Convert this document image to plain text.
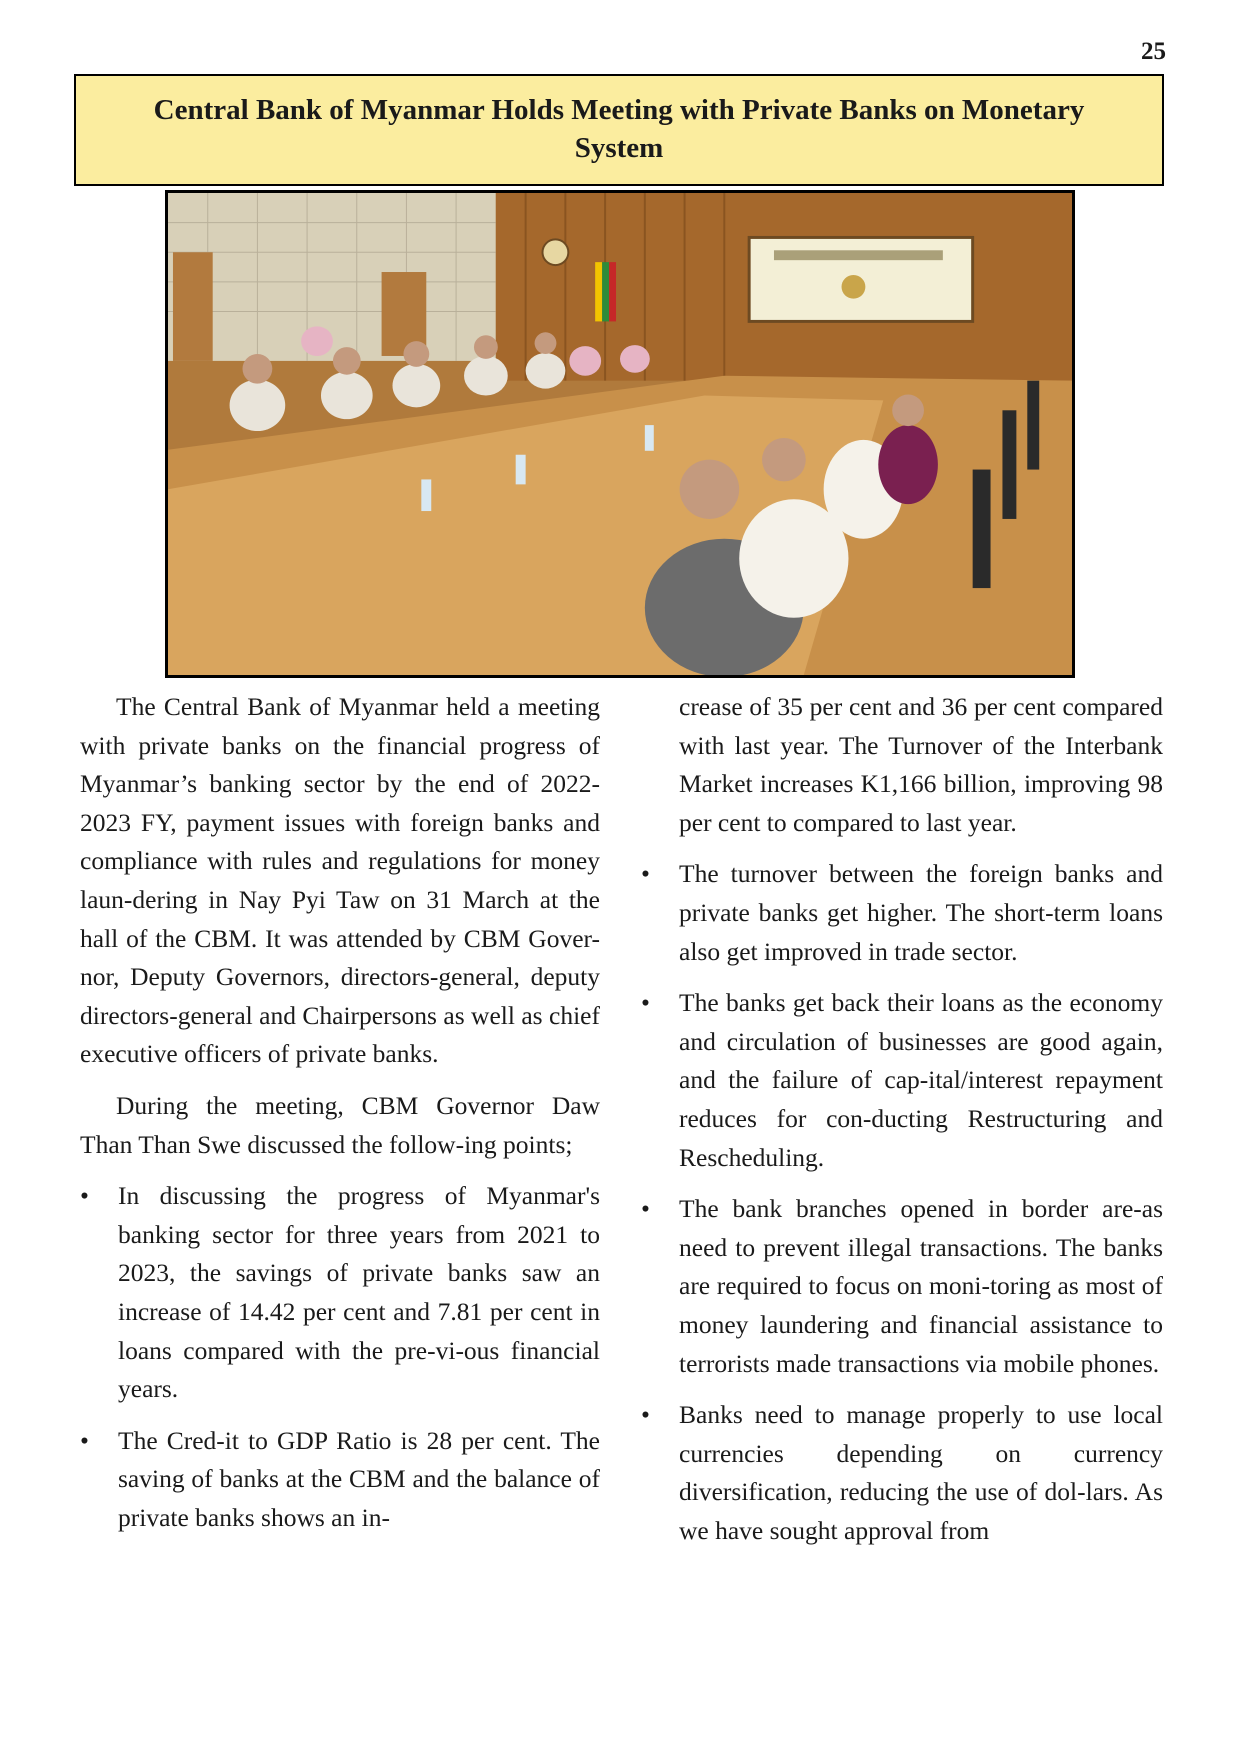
25
Central Bank of Myanmar Holds Meeting with Private Banks on Monetary System

The Central Bank of Myanmar held a meeting with private banks on the financial progress of Myanmar’s banking sector by the end of 2022-2023 FY, payment issues with foreign banks and compliance with rules and regulations for money laun-dering in Nay Pyi Taw on 31 March at the hall of the CBM. It was attended by CBM Gover-nor, Deputy Governors, directors-general, deputy directors-general and Chairpersons as well as chief executive officers of private banks.

During the meeting, CBM Governor Daw Than Than Swe discussed the follow-ing points;

• In discussing the progress of Myanmar's banking sector for three years from 2021 to 2023, the savings of private banks saw an increase of 14.42 per cent and 7.81 per cent in loans compared with the pre-vi-ous financial years.
• The Cred-it to GDP Ratio is 28 per cent. The saving of banks at the CBM and the balance of private banks shows an in-
crease of 35 per cent and 36 per cent compared with last year. The Turnover of the Interbank Market increases K1,166 billion, improving 98 per cent to compared to last year.
• The turnover between the foreign banks and private banks get higher. The short-term loans also get improved in trade sector.
• The banks get back their loans as the economy and circulation of businesses are good again, and the failure of cap-ital/interest repayment reduces for con-ducting Restructuring and Rescheduling.
• The bank branches opened in border are-as need to prevent illegal transactions. The banks are required to focus on moni-toring as most of money laundering and financial assistance to terrorists made transactions via mobile phones.
• Banks need to manage properly to use local currencies depending on currency diversification, reducing the use of dol-lars. As we have sought approval from
